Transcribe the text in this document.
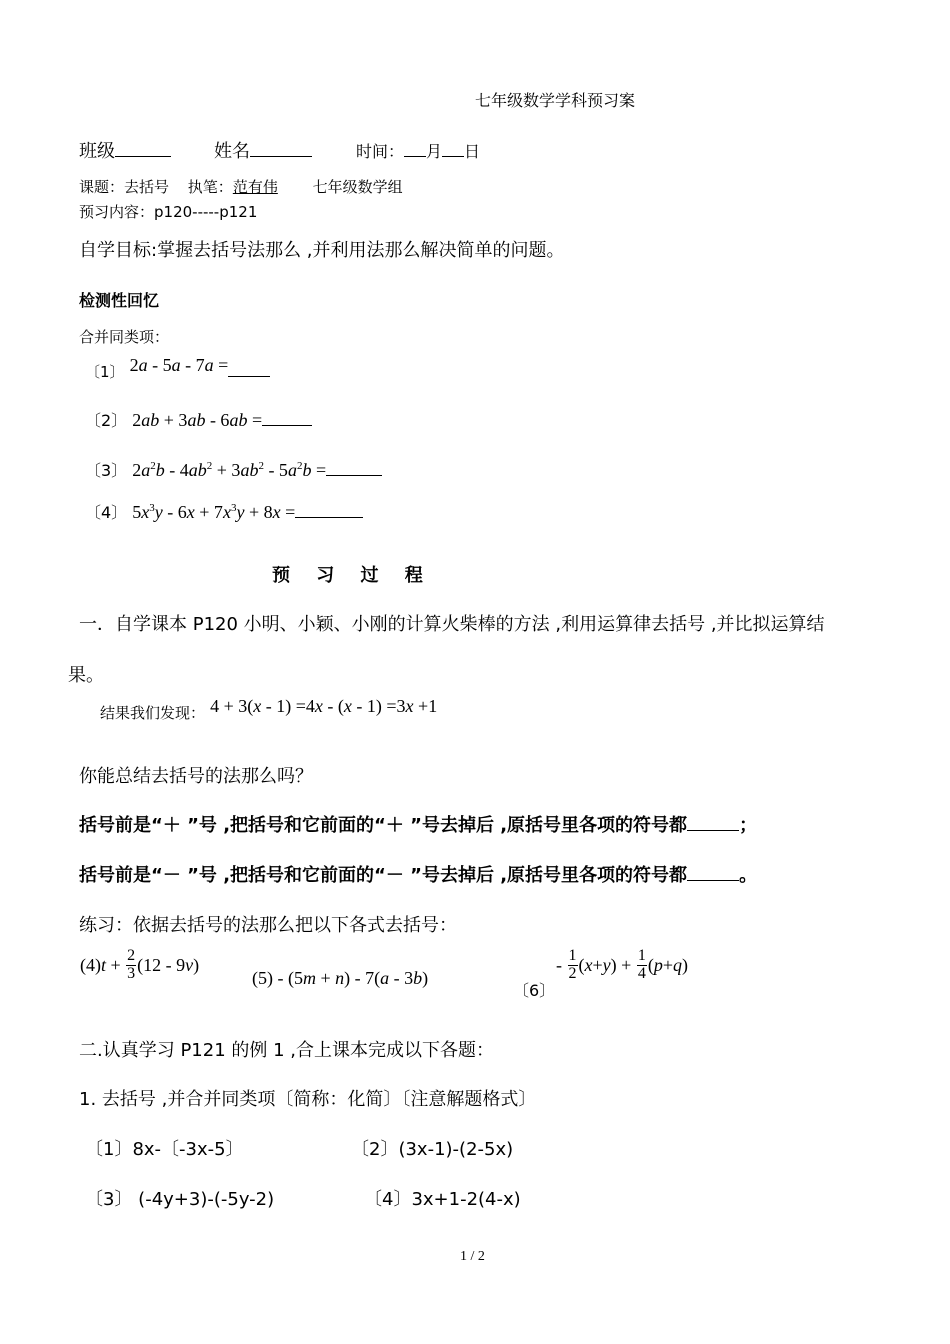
七年级数学学科预习案
班级	姓名	时间： 月 日
课题：去括号 执笔：范有伟 七年级数学组
预习内容：p120-----p121
自学目标:掌握去括号法那么 ,并利用法那么解决简单的问题。
检测性回忆
合并同类项：
〔1〕 2a - 5a - 7a =
〔2〕 2ab + 3ab - 6ab =
〔3〕 $2a^2b - 4ab^2 + 3ab^2 - 5a^2b$ =
〔4〕 $5x^3y - 6x + 7x^3y + 8x$ =
预 习 过 程
一．自学课本 P120 小明、小颖、小刚的计算火柴棒的方法 ,利用运算律去括号 ,并比拟运算结
果。
结果我们发现： 4 + 3(x - 1) =4x - (x - 1) =3x +1
你能总结去括号的法那么吗？
括号前是“＋ ”号 ,把括号和它前面的“＋ ”号去掉后 ,原括号里各项的符号都	；
括号前是“－ ”号 ,把括号和它前面的“－ ”号去掉后 ,原括号里各项的符号都	。
练习：依据去括号的法那么把以下各式去括号：
(4) $t + \frac{2}{3} (12 - 9$ v )
(5) - (5m + n) - 7(a - 3b)
〔6〕
- $\frac{1}{2}$ ( x + y ) + $\frac{1}{4}$ ( p + q )
二.认真学习 P121 的例 1 ,合上课本完成以下各题：
1. 去括号 ,并合并同类项〔简称：化简〕〔注意解题格式〕
〔1〕8x-〔-3x-5〕	〔2〕(3x-1)-(2-5x)
〔3〕 (-4y+3)-(-5y-2)	〔4〕3x+1-2(4-x)
1 / 2
